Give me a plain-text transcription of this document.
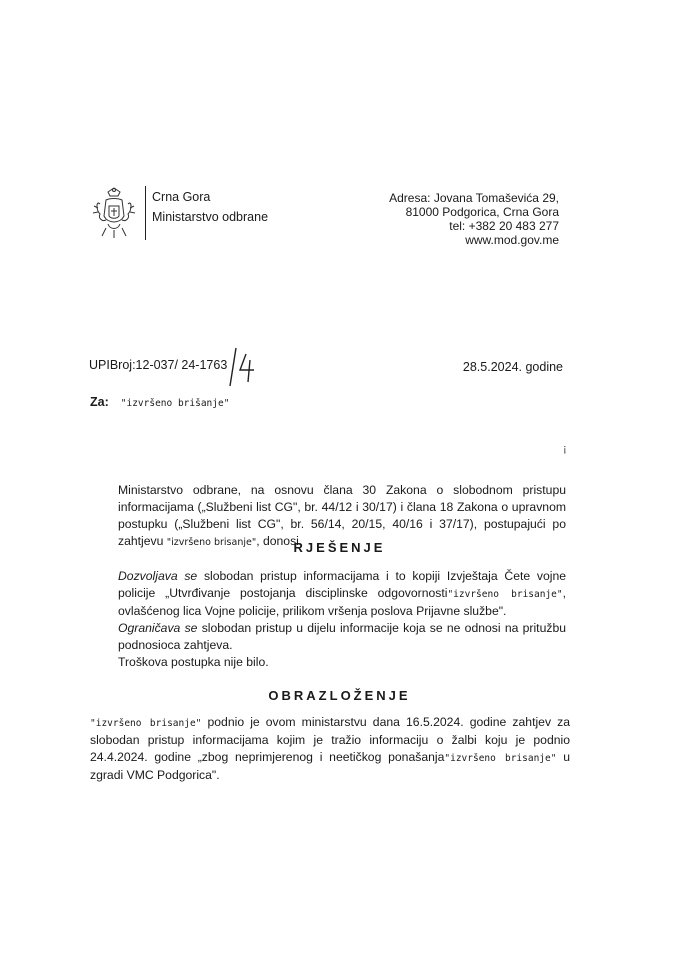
Crna Gora
Ministarstvo odbrane
Adresa: Jovana Tomaševića 29,
81000 Podgorica, Crna Gora
tel: +382 20 483 277
www.mod.gov.me
UPIBroj:12-037/ 24-1763	28.5.2024. godine
Za: "izvršeno brišanje"
¡
Ministarstvo odbrane, na osnovu člana 30 Zakona o slobodnom pristupu informacijama („Službeni list CG", br. 44/12 i 30/17) i člana 18 Zakona o upravnom postupku („Službeni list CG", br. 56/14, 20/15, 40/16 i 37/17), postupajući po zahtjevu "izvršeno brisanje", donosi
RJEŠENJE

Dozvoljava se slobodan pristup informacijama i to kopiji Izvještaja Čete vojne policije „Utvrđivanje postojanja disciplinske odgovornosti"izvršeno brisanje", ovlašćenog lica Vojne policije, prilikom vršenja poslova Prijavne službe".

Ograničava se slobodan pristup u dijelu informacije koja se ne odnosi na pritužbu podnosioca zahtjeva.

Troškova postupka nije bilo.

OBRAZLOŽENJE
"izvršeno brisanje" podnio je ovom ministarstvu dana 16.5.2024. godine zahtjev za slobodan pristup informacijama kojim je tražio informaciju o žalbi koju je podnio 24.4.2024. godine „zbog neprimjerenog i neetičkog ponašanja"izvršeno brisanje" u zgradi VMC Podgorica".
